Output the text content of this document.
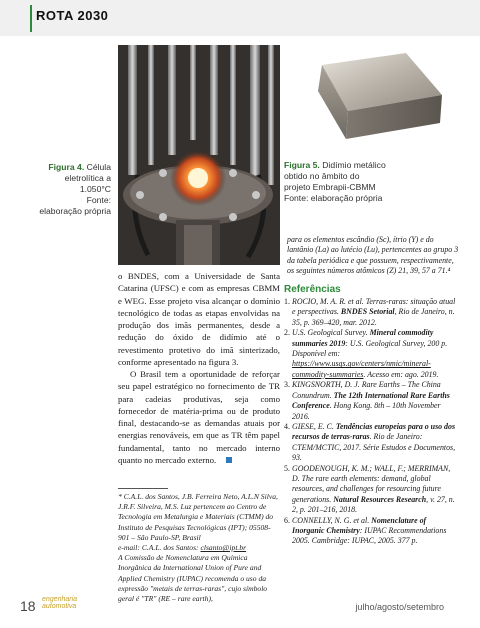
ROTA 2030
Figura 4. Célula
eletrolítica a
1.050°C
Fonte:
elaboração própria
Figura 5. Didímio metálico
obtido no âmbito do
projeto Embrapii-CBMM
Fonte: elaboração própria

o BNDES, com a Universidade de Santa Catarina (UFSC) e com as empresas CBMM e WEG. Esse projeto visa alcançar o domínio tecnológico de todas as etapas envolvidas na produção dos imãs permanentes, desde a redução do óxido de didímio até o revestimento protetivo do imã sinterizado, conforme apresentado na figura 3.

O Brasil tem a oportunidade de reforçar seu papel estratégico no fornecimento de TR para cadeias produtivas, seja como fornecedor de matéria-prima ou de produto final, destacando-se as demandas atuais por energias renováveis, em que as TR têm papel fundamental, tanto no mercado interno quanto no mercado externo.

* C.A.L. dos Santos, J.B. Ferreira Neto, A.L.N Silva, J.R.F. Silveira, M.S. Luz pertencem ao Centro de Tecnologia em Metalurgia e Materiais (CTMM) do Instituto de Pesquisas Tecnológicas (IPT); 05508-901 – São Paulo-SP, Brasil
e-mail: C.A.L. dos Santos: clsanto@ipt.br
A Comissão de Nomenclatura em Química Inorgânica da International Union of Pure and Applied Chemistry (IUPAC) recomenda o uso da expressão "metais de terras-raras", cujo símbolo geral é "TR" (RE – rare earth),
para os elementos escândio (Sc), ítrio (Y) e do lantânio (La) ao lutécio (Lu), pertencentes ao grupo 3 da tabela periódica e que possuem, respectivamente, os seguintes números atômicos (Z) 21, 39, 57 a 71.⁴
Referências
1. ROCIO, M. A. R. et al. Terras-raras: situação atual e perspectivas. BNDES Setorial, Rio de Janeiro, n. 35, p. 369–420, mar. 2012.
2. U.S. Geological Survey. Mineral commodity summaries 2019: U.S. Geological Survey, 200 p. Disponível em: https://www.usgs.gov/centers/nmic/mineral-commodity-summaries. Acesso em: ago. 2019.
3. KINGSNORTH, D. J. Rare Earths – The China Conundrum. The 12th International Rare Earths Conference. Hong Kong. 8th – 10th November 2016.
4. GIESE, E. C. Tendências europeias para o uso dos recursos de terras-raras. Rio de Janeiro: CTEM/MCTIC, 2017. Série Estudos e Documentos, 93.
5. GOODENOUGH, K. M.; WALL, F.; MERRIMAN, D. The rare earth elements: demand, global resources, and challenges for resourcing future generations. Natural Resources Research, v. 27, n. 2, p. 201–216, 2018.
6. CONNELLY, N. G. et al. Nomenclature of Inorganic Chemistry: IUPAC Recommendations 2005. Cambridge: IUPAC, 2005. 377 p.
18 engenharia
automotiva	julho/agosto/setembro
